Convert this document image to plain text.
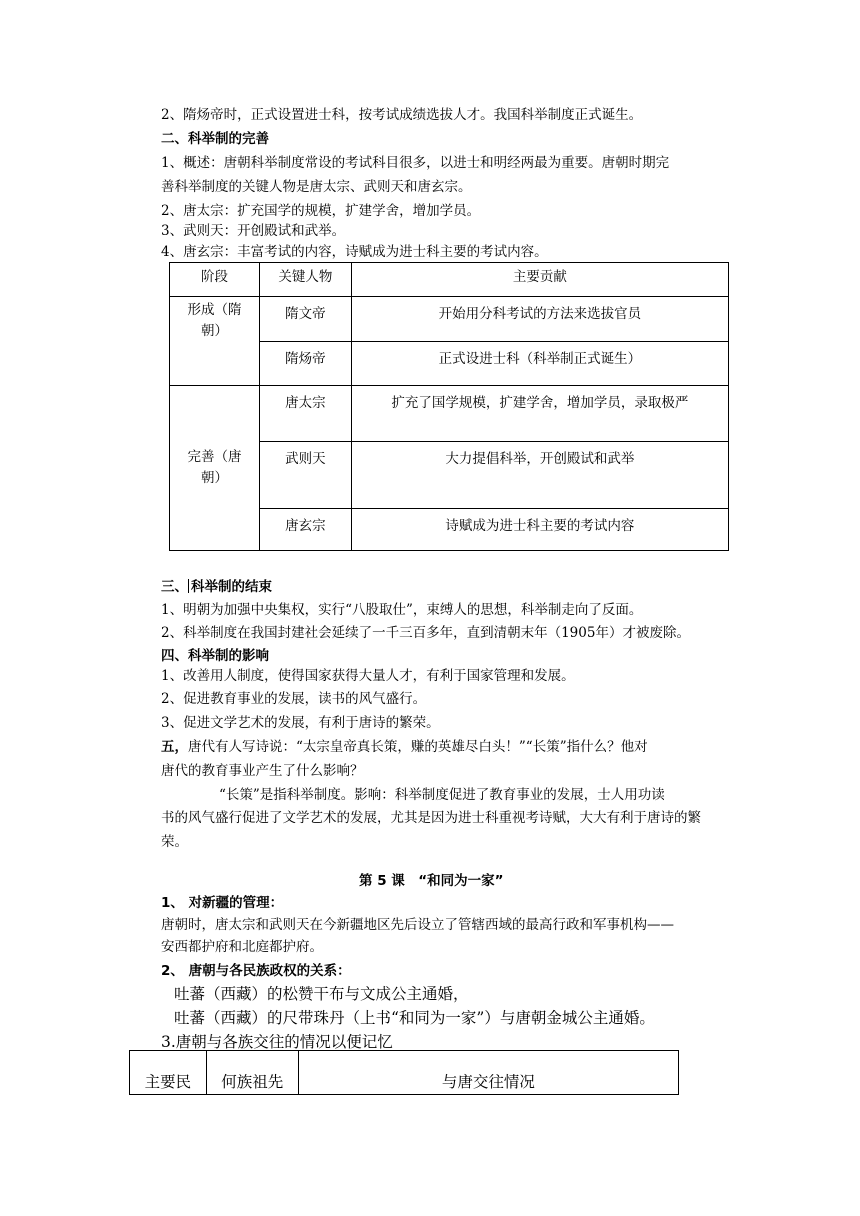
2、隋炀帝时，正式设置进士科，按考试成绩选拔人才。我国科举制度正式诞生。
二、科举制的完善
1、概述：唐朝科举制度常设的考试科目很多，以进士和明经两最为重要。唐朝时期完
善科举制度的关键人物是唐太宗、武则天和唐玄宗。
2、唐太宗：扩充国学的规模，扩建学舍，增加学员。
3、武则天：开创殿试和武举。
4、唐玄宗：丰富考试的内容，诗赋成为进士科主要的考试内容。
阶段	关键人物	主要贡献
形成（隋朝）	隋文帝	开始用分科考试的方法来选拔官员
	隋炀帝	正式设进士科（科举制正式诞生）
完善（唐朝）	唐太宗	扩充了国学规模，扩建学舍，增加学员，录取极严
	武则天	大力提倡科举，开创殿试和武举
	唐玄宗	诗赋成为进士科主要的考试内容
三、 科举制的结束
1、明朝为加强中央集权，实行“八股取仕”，束缚人的思想，科举制走向了反面。
2、科举制度在我国封建社会延续了一千三百多年，直到清朝末年（1905年）才被废除。
四、科举制的影响
1、改善用人制度，使得国家获得大量人才，有利于国家管理和发展。
2、促进教育事业的发展，读书的风气盛行。
3、促进文学艺术的发展，有利于唐诗的繁荣。
五，唐代有人写诗说：“太宗皇帝真长策，赚的英雄尽白头！”“长策”指什么？他对
唐代的教育事业产生了什么影响？
“长策”是指科举制度。影响：科举制度促进了教育事业的发展，士人用功读
书的风气盛行促进了文学艺术的发展，尤其是因为进士科重视考诗赋，大大有利于唐诗的繁
荣。
第 5 课　“和同为一家”
1、 对新疆的管理：
唐朝时，唐太宗和武则天在今新疆地区先后设立了管辖西域的最高行政和军事机构——
安西都护府和北庭都护府。
2、 唐朝与各民族政权的关系：
吐蕃（西藏）的松赞干布与文成公主通婚，
吐蕃（西藏）的尺带珠丹（上书“和同为一家”）与唐朝金城公主通婚。
3.唐朝与各族交往的情况以便记忆
主要民	何族祖先	与唐交往情况
